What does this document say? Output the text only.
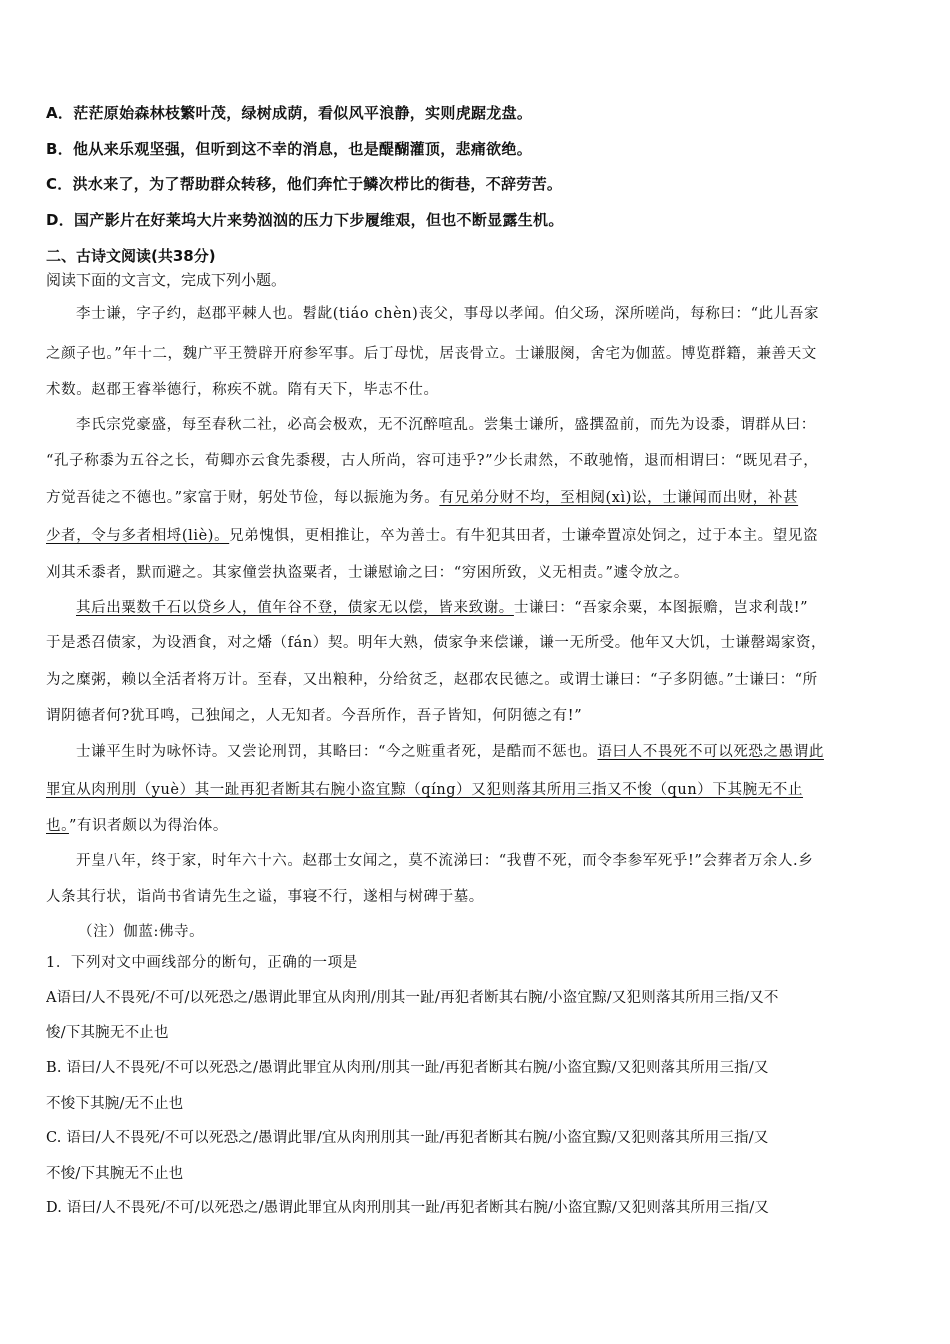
A．茫茫原始森林枝繁叶茂，绿树成荫，看似风平浪静，实则虎踞龙盘。
B．他从来乐观坚强，但听到这不幸的消息，也是醍醐灌顶，悲痛欲绝。
C．洪水来了，为了帮助群众转移，他们奔忙于鳞次栉比的街巷，不辞劳苦。
D．国产影片在好莱坞大片来势汹汹的压力下步履维艰，但也不断显露生机。
二、古诗文阅读(共38分)
阅读下面的文言文，完成下列小题。
李士谦，字子约，赵郡平棘人也。髫龀(tiáo chèn)丧父，事母以孝闻。伯父玚，深所嗟尚，每称曰：“此儿吾家
之颜子也。”年十二，魏广平王赞辟开府参军事。后丁母忧，居丧骨立。士谦服阕，舍宅为伽蓝。博览群籍，兼善天文
术数。赵郡王睿举德行，称疾不就。隋有天下，毕志不仕。
李氏宗党豪盛，每至春秋二社，必高会极欢，无不沉醉喧乱。尝集士谦所，盛撰盈前，而先为设黍，谓群从曰：
“孔子称黍为五谷之长，荀卿亦云食先黍稷，古人所尚，容可违乎?”少长肃然，不敢驰惰，退而相谓曰：“既见君子，
方觉吾徒之不德也。”家富于财，躬处节俭，每以振施为务。有兄弟分财不均，至相阋(xì)讼，士谦闻而出财，补甚
少者，令与多者相埒(liè)。兄弟愧惧，更相推让，卒为善士。有牛犯其田者，士谦牵置凉处饲之，过于本主。望见盗
刈其禾黍者，默而避之。其家僮尝执盗粟者，士谦慰谕之曰：“穷困所致，义无相责。”遽令放之。
其后出粟数千石以贷乡人，值年谷不登，债家无以偿，皆来致谢。士谦曰：“吾家余粟，本图振赡，岂求利哉!”
于是悉召债家，为设酒食，对之燔（fán）契。明年大熟，债家争来偿谦，谦一无所受。他年又大饥，士谦罄竭家资，
为之糜粥，赖以全活者将万计。至春，又出粮种，分给贫乏，赵郡农民德之。或谓士谦曰：“子多阴德。”士谦曰：“所
谓阴德者何?犹耳鸣，己独闻之，人无知者。今吾所作，吾子皆知，何阴德之有!”
士谦平生时为咏怀诗。又尝论刑罚，其略曰：“今之赃重者死，是酷而不惩也。语曰人不畏死不可以死恐之愚谓此
罪宜从肉刑刖（yuè）其一趾再犯者断其右腕小盗宜黥（qíng）又犯则落其所用三指又不悛（qun）下其腕无不止
也。”有识者颇以为得治体。
开皇八年，终于家，时年六十六。赵郡士女闻之，莫不流涕曰：“我曹不死，而令李参军死乎!”会葬者万余人.乡
人条其行状，诣尚书省请先生之谥，事寝不行，遂相与树碑于墓。
（注）伽蓝:佛寺。
1．下列对文中画线部分的断句，正确的一项是
A语曰/人不畏死/不可/以死恐之/愚谓此罪宜从肉刑/刖其一趾/再犯者断其右腕/小盗宜黥/又犯则落其所用三指/又不
悛/下其腕无不止也
B. 语曰/人不畏死/不可以死恐之/愚谓此罪宜从肉刑/刖其一趾/再犯者断其右腕/小盗宜黥/又犯则落其所用三指/又
不悛下其腕/无不止也
C. 语曰/人不畏死/不可以死恐之/愚谓此罪/宜从肉刑刖其一趾/再犯者断其右腕/小盗宜黥/又犯则落其所用三指/又
不悛/下其腕无不止也
D. 语曰/人不畏死/不可/以死恐之/愚谓此罪宜从肉刑刖其一趾/再犯者断其右腕/小盗宜黥/又犯则落其所用三指/又
